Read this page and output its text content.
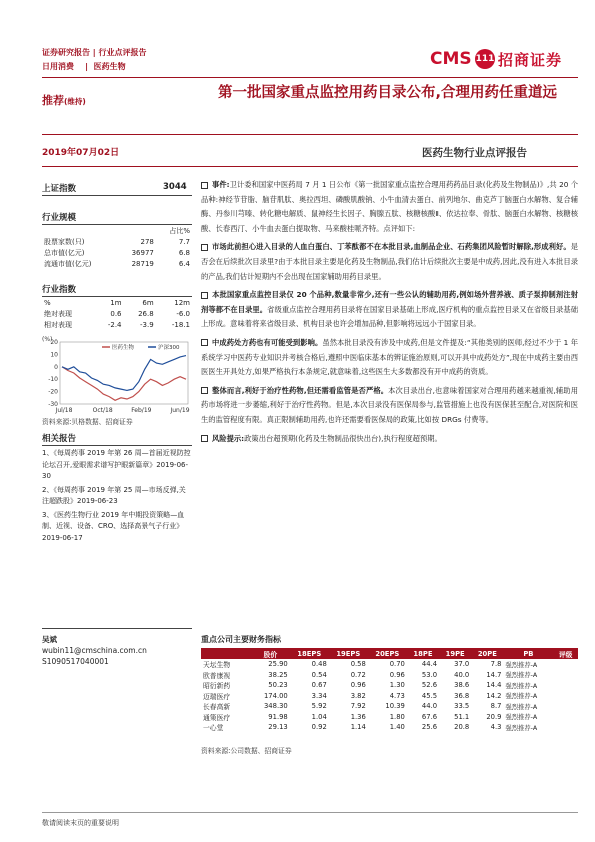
证券研究报告 | 行业点评报告
日用消费    |  医药生物	CMS 111 招商证券
推荐(维持)
第一批国家重点监控用药目录公布,合理用药任重道远
2019年07月02日	医药生物行业点评报告
上证指数	3044
行业规模
		占比%
股票家数(只)	278	7.7
总市值(亿元)	36977	6.8
流通市值(亿元)	28719	6.4
行业指数
%	1m	6m	12m
绝对表现	0.6	26.8	-6.0
相对表现	-2.4	-3.9	-18.1
20
10
0
-10
-20
-30
(%)
Jul/18	Oct/18	Feb/19	Jun/19
医药生物	沪深300
资料来源:贝格数据、招商证券
相关报告
1、《每周药事 2019 年第 26 周—首届近视防控论坛召开,爱眼需求谱写护眼新篇章》2019-06-30
2、《每周药事 2019 年第 25 周—市场反弹,关注超跌股》2019-06-23
3、《医药生物行业 2019 年中期投资策略—血制、近视、设备、CRO、选择高景气子行业》2019-06-17
吴斌
wubin11@cmschina.com.cn
S1090517040001
事件:卫计委和国家中医药局 7 月 1 日公布《第一批国家重点监控合理用药药品目录(化药及生物制品)》,共 20 个品种:神经节苷脂、脑苷肌肽、奥拉西坦、磷酸肌酸钠、小牛血清去蛋白、前列地尔、曲克芦丁脑蛋白水解物、复合辅酶、丹参川芎嗪、转化糖电解质、鼠神经生长因子、胸腺五肽、核糖核酸Ⅱ、依达拉奉、骨肽、脑蛋白水解物、核糖核酸、长春西汀、小牛血去蛋白提取物、马来酸桂哌齐特。点评如下:
市场此前担心进入目录的人血白蛋白、丁苯酞都不在本批目录,血制品企业、石药集团风险暂时解除,形成利好。是否会在后续批次目录里?由于本批目录主要是化药及生物制品,我们估计后续批次主要是中成药,因此,没有进入本批目录的产品,我们估计短期内不会出现在国家辅助用药目录里。
本批国家重点监控目录仅 20 个品种,数量非常少,还有一些公认的辅助用药,例如场外营养液、质子泵抑制剂注射剂等都不在目录里。省级重点监控合理用药目录将在国家目录基础上形成,医疗机构的重点监控目录又在省级目录基础上形成。意味着将来省级目录、机构目录也许会增加品种,但影响将远远小于国家目录。
中成药处方药也有可能受到影响。虽然本批目录没有涉及中成药,但是文件提及:“其他类别的医师,经过不少于 1 年系统学习中医药专业知识并考核合格后,遵照中医临床基本的辨证施治原则,可以开具中成药处方”,现在中成药主要由西医医生开具处方,如果严格执行本条规定,就意味着,这些医生大多数都没有开中成药的资质。
整体而言,利好于治疗性药物,但还需看监管是否严格。本次目录出台,也意味着国家对合理用药越来越重视,辅助用药市场将进一步萎缩,利好于治疗性药物。但是,本次目录没有医保局参与,监管措施上也没有医保甚至配合,对医院和医生的监管程度有限。真正限制辅助用药,也许还需要看医保局的政策,比如按 DRGs 付费等。
风险提示:政策出台超预期(化药及生物制品很快出台),执行程度超预期。
重点公司主要财务指标
	股价	18EPS	19EPS	20EPS	18PE	19PE	20PE	PB	评级
天坛生物	25.90	0.48	0.58	0.70	44.4	37.0	7.8	强烈推荐-A	
欧普康视	38.25	0.54	0.72	0.96	53.0	40.0	14.7	强烈推荐-A	
昭衍新药	50.23	0.67	0.96	1.30	52.6	38.6	14.4	强烈推荐-A	
迈瑞医疗	174.00	3.34	3.82	4.73	45.5	36.8	14.2	强烈推荐-A	
长春高新	348.30	5.92	7.92	10.39	44.0	33.5	8.7	强烈推荐-A	
通策医疗	91.98	1.04	1.36	1.80	67.6	51.1	20.9	强烈推荐-A	
一心堂	29.13	0.92	1.14	1.40	25.6	20.8	4.3	强烈推荐-A	
资料来源:公司数据、招商证券
敬请阅读末页的重要说明
